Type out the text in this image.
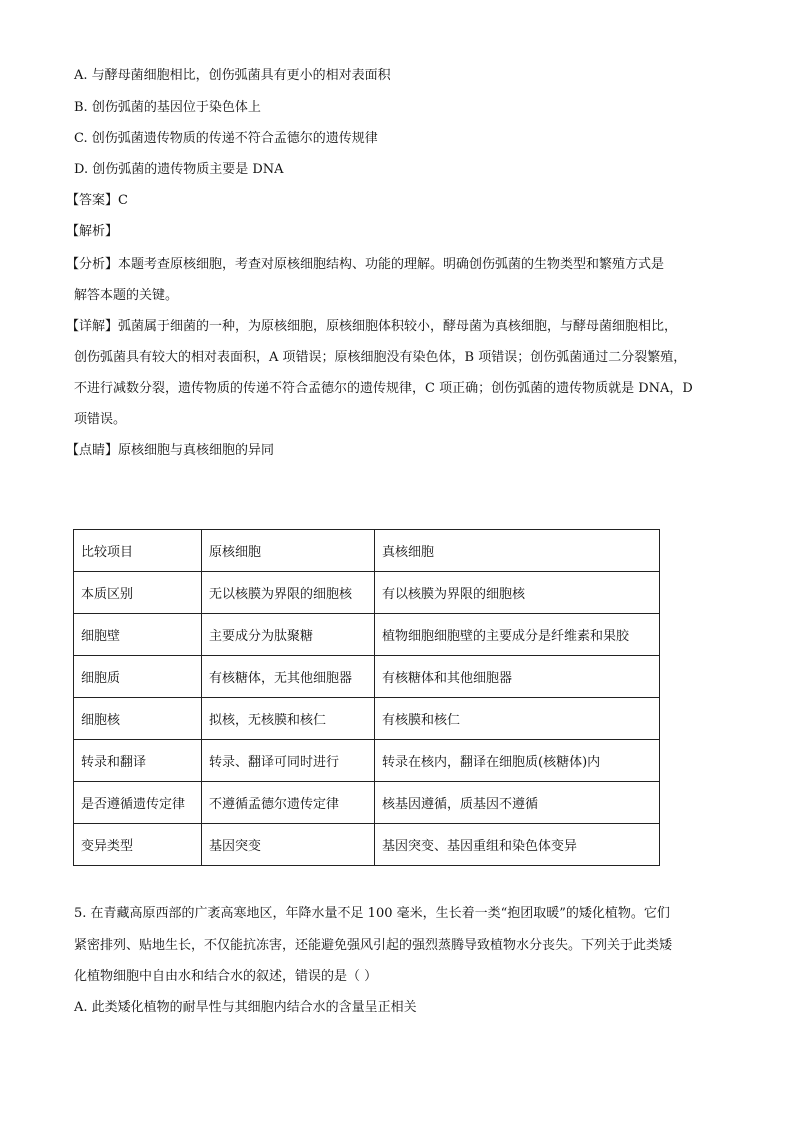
A. 与酵母菌细胞相比，创伤弧菌具有更小的相对表面积
B. 创伤弧菌的基因位于染色体上
C. 创伤弧菌遗传物质的传递不符合孟德尔的遗传规律
D. 创伤弧菌的遗传物质主要是 DNA
【答案】C
【解析】
【分析】本题考查原核细胞，考查对原核细胞结构、功能的理解。明确创伤弧菌的生物类型和繁殖方式是
解答本题的关键。
【详解】弧菌属于细菌的一种，为原核细胞，原核细胞体积较小，酵母菌为真核细胞，与酵母菌细胞相比，
创伤弧菌具有较大的相对表面积，A 项错误；原核细胞没有染色体，B 项错误；创伤弧菌通过二分裂繁殖，
不进行减数分裂，遗传物质的传递不符合孟德尔的遗传规律，C 项正确；创伤弧菌的遗传物质就是 DNA，D
项错误。
【点睛】原核细胞与真核细胞的异同
比较项目	原核细胞	真核细胞
本质区别	无以核膜为界限的细胞核	有以核膜为界限的细胞核
细胞壁	主要成分为肽聚糖	植物细胞细胞壁的主要成分是纤维素和果胶
细胞质	有核糖体，无其他细胞器	有核糖体和其他细胞器
细胞核	拟核，无核膜和核仁	有核膜和核仁
转录和翻译	转录、翻译可同时进行	转录在核内，翻译在细胞质(核糖体)内
是否遵循遗传定律	不遵循孟德尔遗传定律	核基因遵循，质基因不遵循
变异类型	基因突变	基因突变、基因重组和染色体变异
5. 在青藏高原西部的广袤高寒地区，年降水量不足 100 毫米，生长着一类“抱团取暖”的矮化植物。它们
紧密排列、贴地生长，不仅能抗冻害，还能避免强风引起的强烈蒸腾导致植物水分丧失。下列关于此类矮
化植物细胞中自由水和结合水的叙述，错误的是（ ）
A. 此类矮化植物的耐旱性与其细胞内结合水的含量呈正相关
